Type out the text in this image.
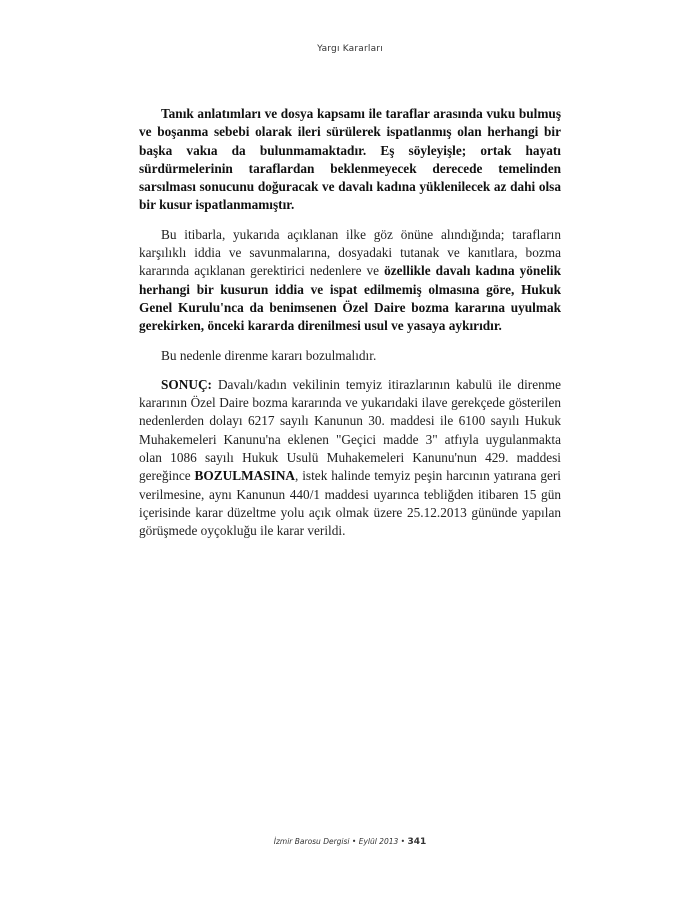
Yargı Kararları

Tanık anlatımları ve dosya kapsamı ile taraflar arasında vuku bulmuş ve boşanma sebebi olarak ileri sürülerek ispatlanmış olan herhangi bir başka vakıa da bulunmamaktadır. Eş söyleyişle; ortak hayatı sürdürmelerinin taraflardan beklenmeyecek derecede temelinden sarsılması sonucunu doğuracak ve davalı kadına yüklenilecek az dahi olsa bir kusur ispatlanmamıştır.

Bu itibarla, yukarıda açıklanan ilke göz önüne alındığında; tarafların karşılıklı iddia ve savunmalarına, dosyadaki tutanak ve kanıtlara, bozma kararında açıklanan gerektirici nedenlere ve özellikle davalı kadına yönelik herhangi bir kusurun iddia ve ispat edilmemiş olmasına göre, Hukuk Genel Kurulu'nca da benimsenen Özel Daire bozma kararına uyulmak gerekirken, önceki kararda direnilmesi usul ve yasaya aykırıdır.

Bu nedenle direnme kararı bozulmalıdır.

SONUÇ: Davalı/kadın vekilinin temyiz itirazlarının kabulü ile direnme kararının Özel Daire bozma kararında ve yukarıdaki ilave gerekçede gösterilen nedenlerden dolayı 6217 sayılı Kanunun 30. maddesi ile 6100 sayılı Hukuk Muhakemeleri Kanunu'na eklenen "Geçici madde 3" atfıyla uygulanmakta olan 1086 sayılı Hukuk Usulü Muhakemeleri Kanunu'nun 429. maddesi gereğince BOZULMASINA, istek halinde temyiz peşin harcının yatırana geri verilmesine, aynı Kanunun 440/1 maddesi uyarınca tebliğden itibaren 15 gün içerisinde karar düzeltme yolu açık olmak üzere 25.12.2013 gününde yapılan görüşmede oyçokluğu ile karar verildi.

İzmir Barosu Dergisi • Eylül 2013 • 341
